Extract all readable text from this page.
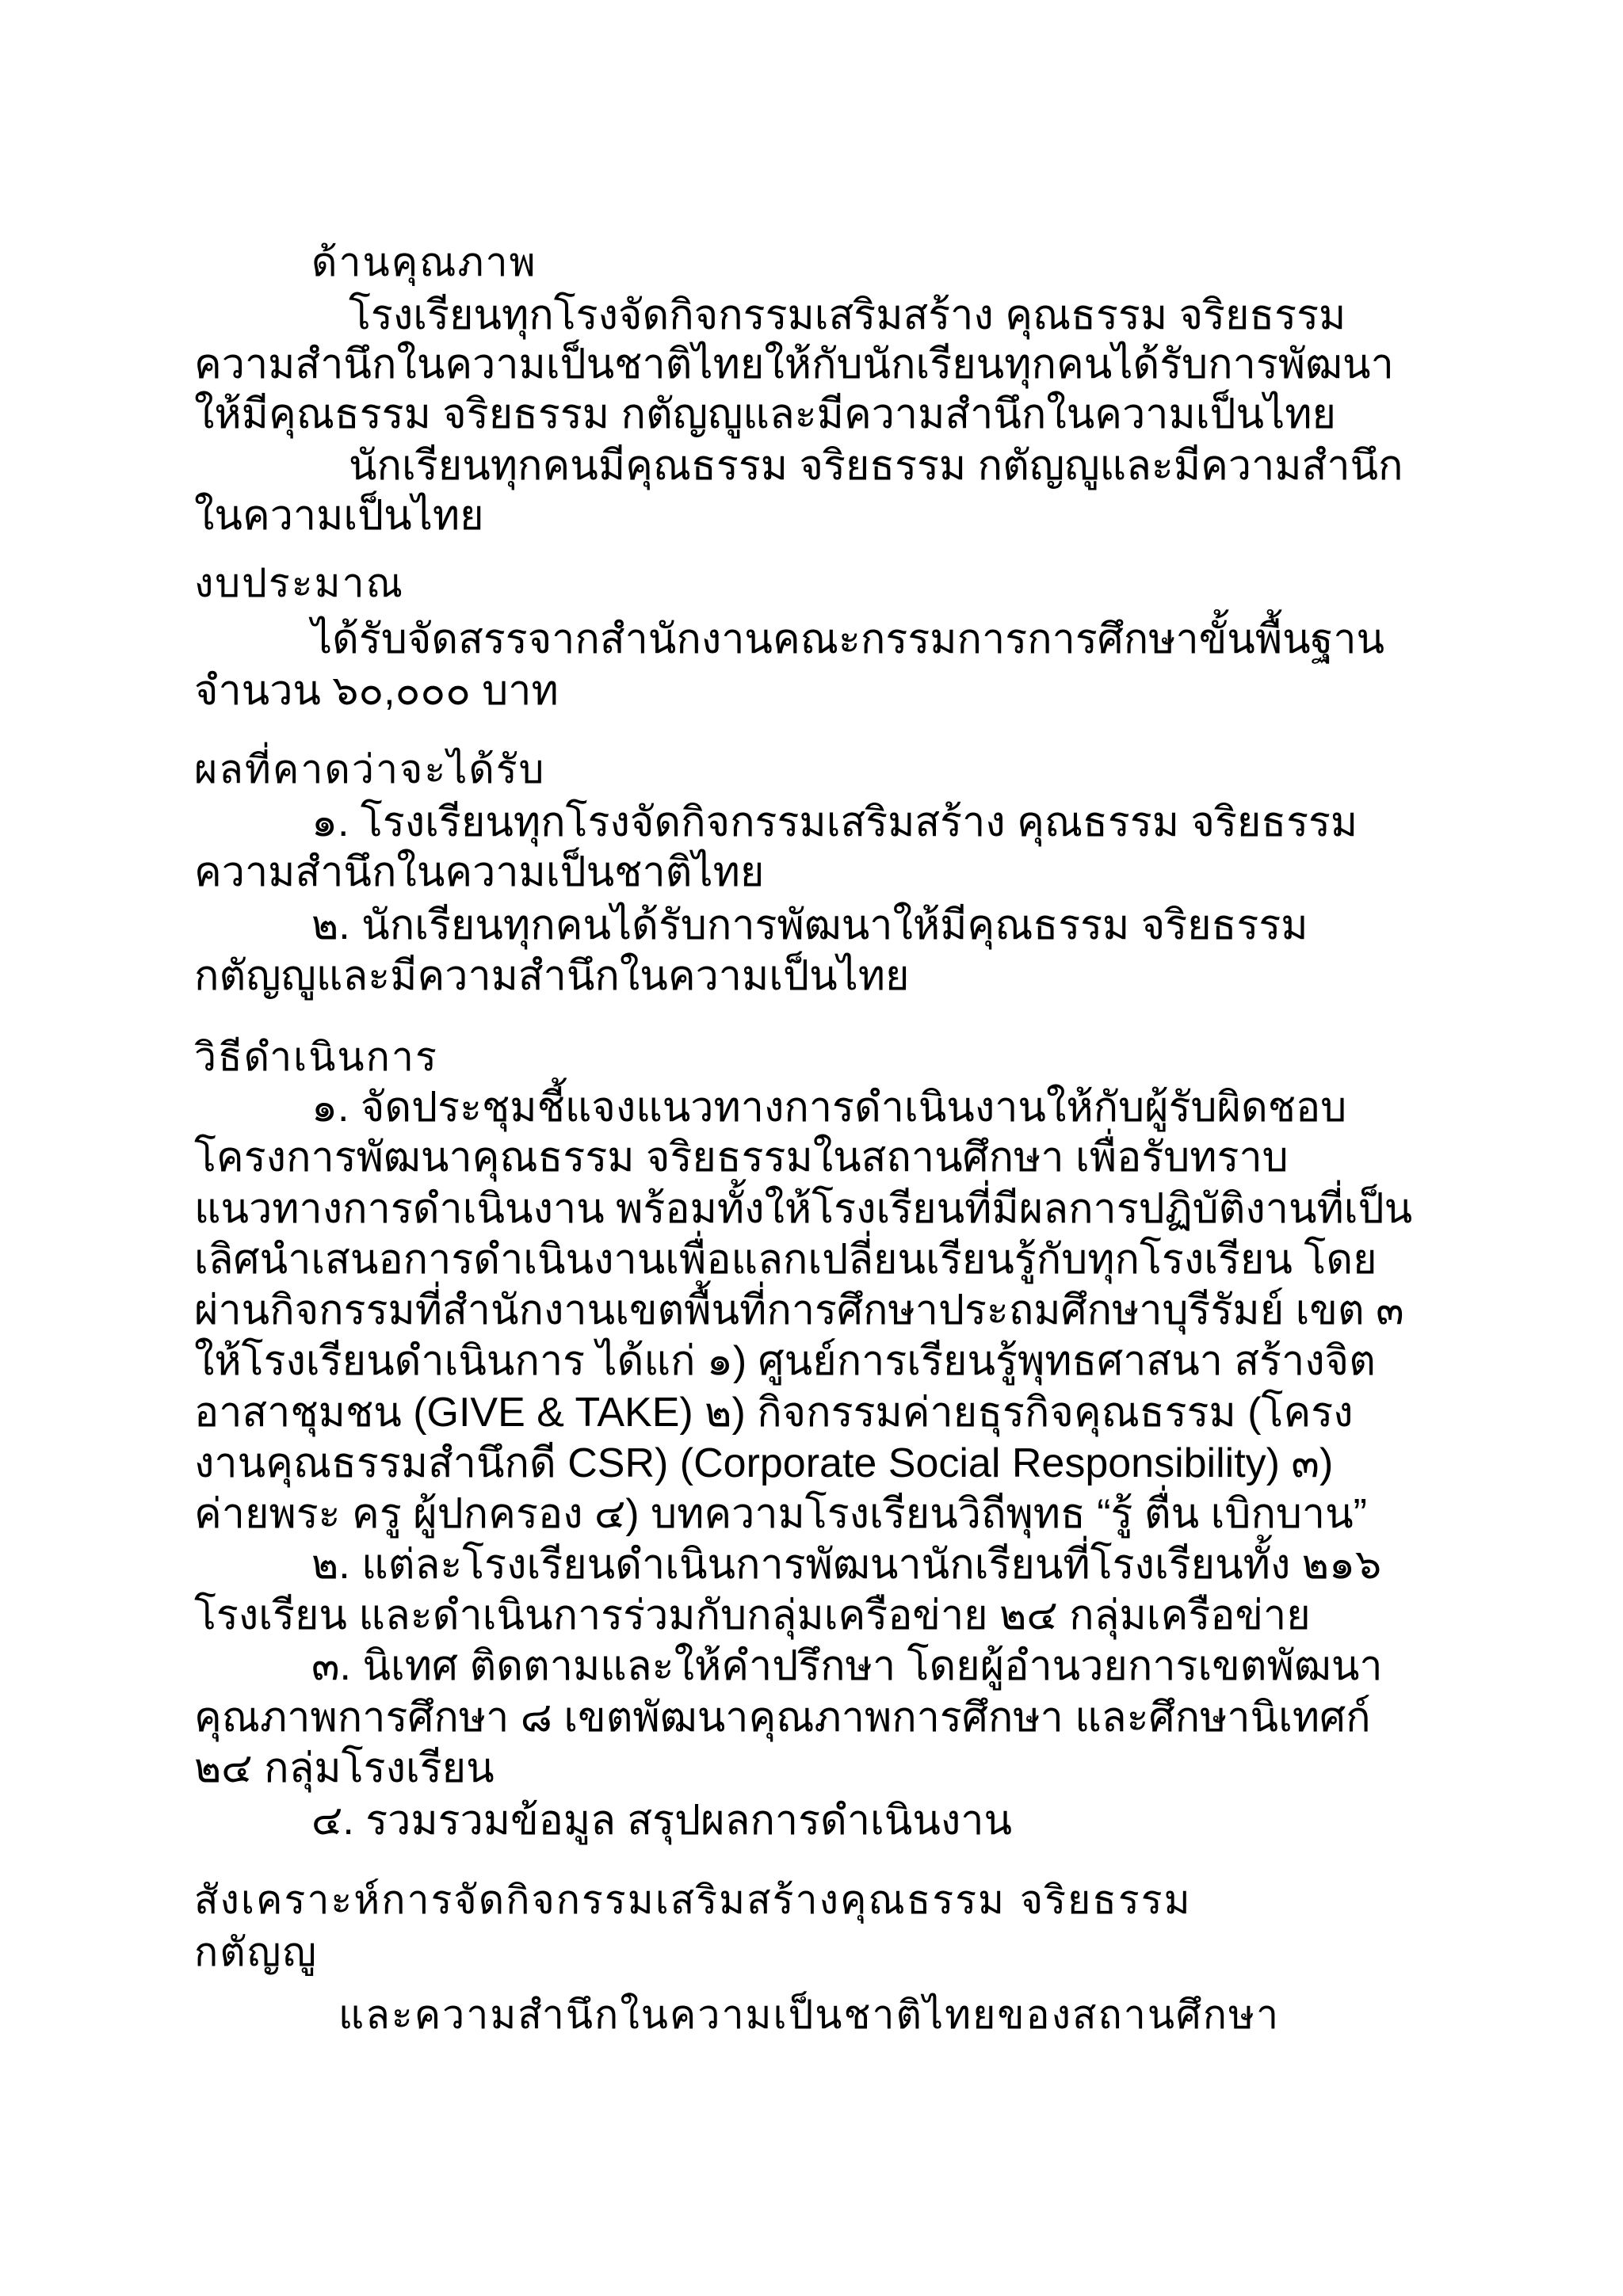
ด้านคุณภาพ
โรงเรียนทุกโรงจัดกิจกรรมเสริมสร้าง คุณธรรม จริยธรรม
ความสำนึกในความเป็นชาติไทยให้กับนักเรียนทุกคนได้รับการพัฒนา
ให้มีคุณธรรม จริยธรรม กตัญญูและมีความสำนึกในความเป็นไทย
นักเรียนทุกคนมีคุณธรรม จริยธรรม กตัญญูและมีความสำนึก
ในความเป็นไทย
งบประมาณ
ได้รับจัดสรรจากสำนักงานคณะกรรมการการศึกษาขั้นพื้นฐาน
จำนวน ๖๐,๐๐๐ บาท
ผลที่คาดว่าจะได้รับ
๑. โรงเรียนทุกโรงจัดกิจกรรมเสริมสร้าง คุณธรรม จริยธรรม
ความสำนึกในความเป็นชาติไทย
๒. นักเรียนทุกคนได้รับการพัฒนาให้มีคุณธรรม จริยธรรม
กตัญญูและมีความสำนึกในความเป็นไทย
วิธีดำเนินการ
๑. จัดประชุมชี้แจงแนวทางการดำเนินงานให้กับผู้รับผิดชอบ
โครงการพัฒนาคุณธรรม จริยธรรมในสถานศึกษา เพื่อรับทราบ
แนวทางการดำเนินงาน พร้อมทั้งให้โรงเรียนที่มีผลการปฏิบัติงานที่เป็น
เลิศนำเสนอการดำเนินงานเพื่อแลกเปลี่ยนเรียนรู้กับทุกโรงเรียน โดย
ผ่านกิจกรรมที่สำนักงานเขตพื้นที่การศึกษาประถมศึกษาบุรีรัมย์ เขต ๓
ให้โรงเรียนดำเนินการ ได้แก่ ๑) ศูนย์การเรียนรู้พุทธศาสนา สร้างจิต
อาสาชุมชน (GIVE & TAKE) ๒) กิจกรรมค่ายธุรกิจคุณธรรม (โครง
งานคุณธรรมสำนึกดี CSR) (Corporate Social Responsibility) ๓)
ค่ายพระ ครู ผู้ปกครอง ๔) บทความโรงเรียนวิถีพุทธ “รู้ ตื่น เบิกบาน”
๒. แต่ละโรงเรียนดำเนินการพัฒนานักเรียนที่โรงเรียนทั้ง ๒๑๖
โรงเรียน และดำเนินการร่วมกับกลุ่มเครือข่าย ๒๔ กลุ่มเครือข่าย
๓. นิเทศ ติดตามและให้คำปรึกษา โดยผู้อำนวยการเขตพัฒนา
คุณภาพการศึกษา ๘ เขตพัฒนาคุณภาพการศึกษา และศึกษานิเทศก์
๒๔ กลุ่มโรงเรียน
๔. รวมรวมข้อมูล สรุปผลการดำเนินงาน
สังเคราะห์การจัดกิจกรรมเสริมสร้างคุณธรรม จริยธรรม
กตัญญู
และความสำนึกในความเป็นชาติไทยของสถานศึกษา
